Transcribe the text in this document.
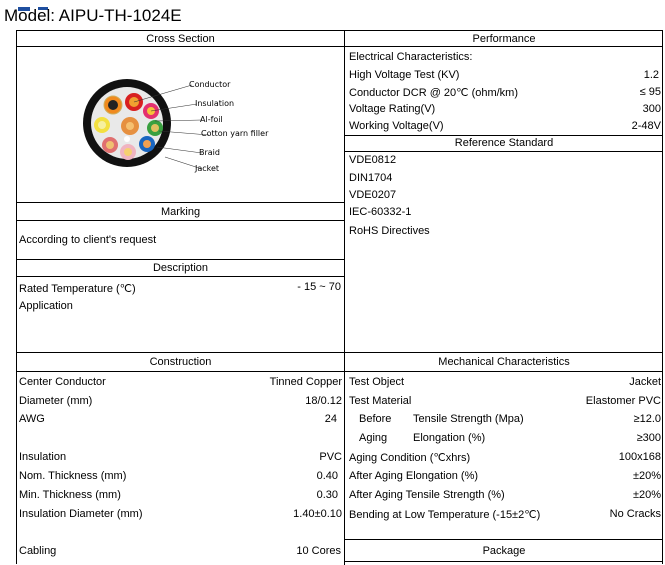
Model: AIPU-TH-1024E
Cross Section
Conductor
Insulation
Al-foil
Cotton yarn filler
Braid
Jacket
Marking
According to client's request
Description
Rated Temperature (℃)	- 15 ~ 70
Application
Construction
Center Conductor	Tinned Copper
Diameter (mm)	18/0.12
AWG	24
Insulation	PVC
Nom. Thickness (mm)	0.40
Min. Thickness (mm)	0.30
Insulation Diameter (mm)	1.40±0.10
Cabling	10 Cores
Performance
Electrical Characteristics:
High Voltage Test (KV)	1.2
Conductor DCR @ 20℃ (ohm/km)	≤ 95
Voltage Rating(V)	300
Working Voltage(V)	2-48V
Reference Standard
VDE0812
DIN1704
VDE0207
IEC-60332-1
RoHS Directives
Mechanical Characteristics
Test Object	Jacket
Test Material	Elastomer PVC
Before Tensile Strength (Mpa)	≥12.0
Aging Elongation (%)	≥300
Aging Condition (℃xhrs)	100x168
After Aging Elongation (%)	±20%
After Aging Tensile Strength (%)	±20%
Bending at Low Temperature (-15±2℃)	No Cracks
Package
